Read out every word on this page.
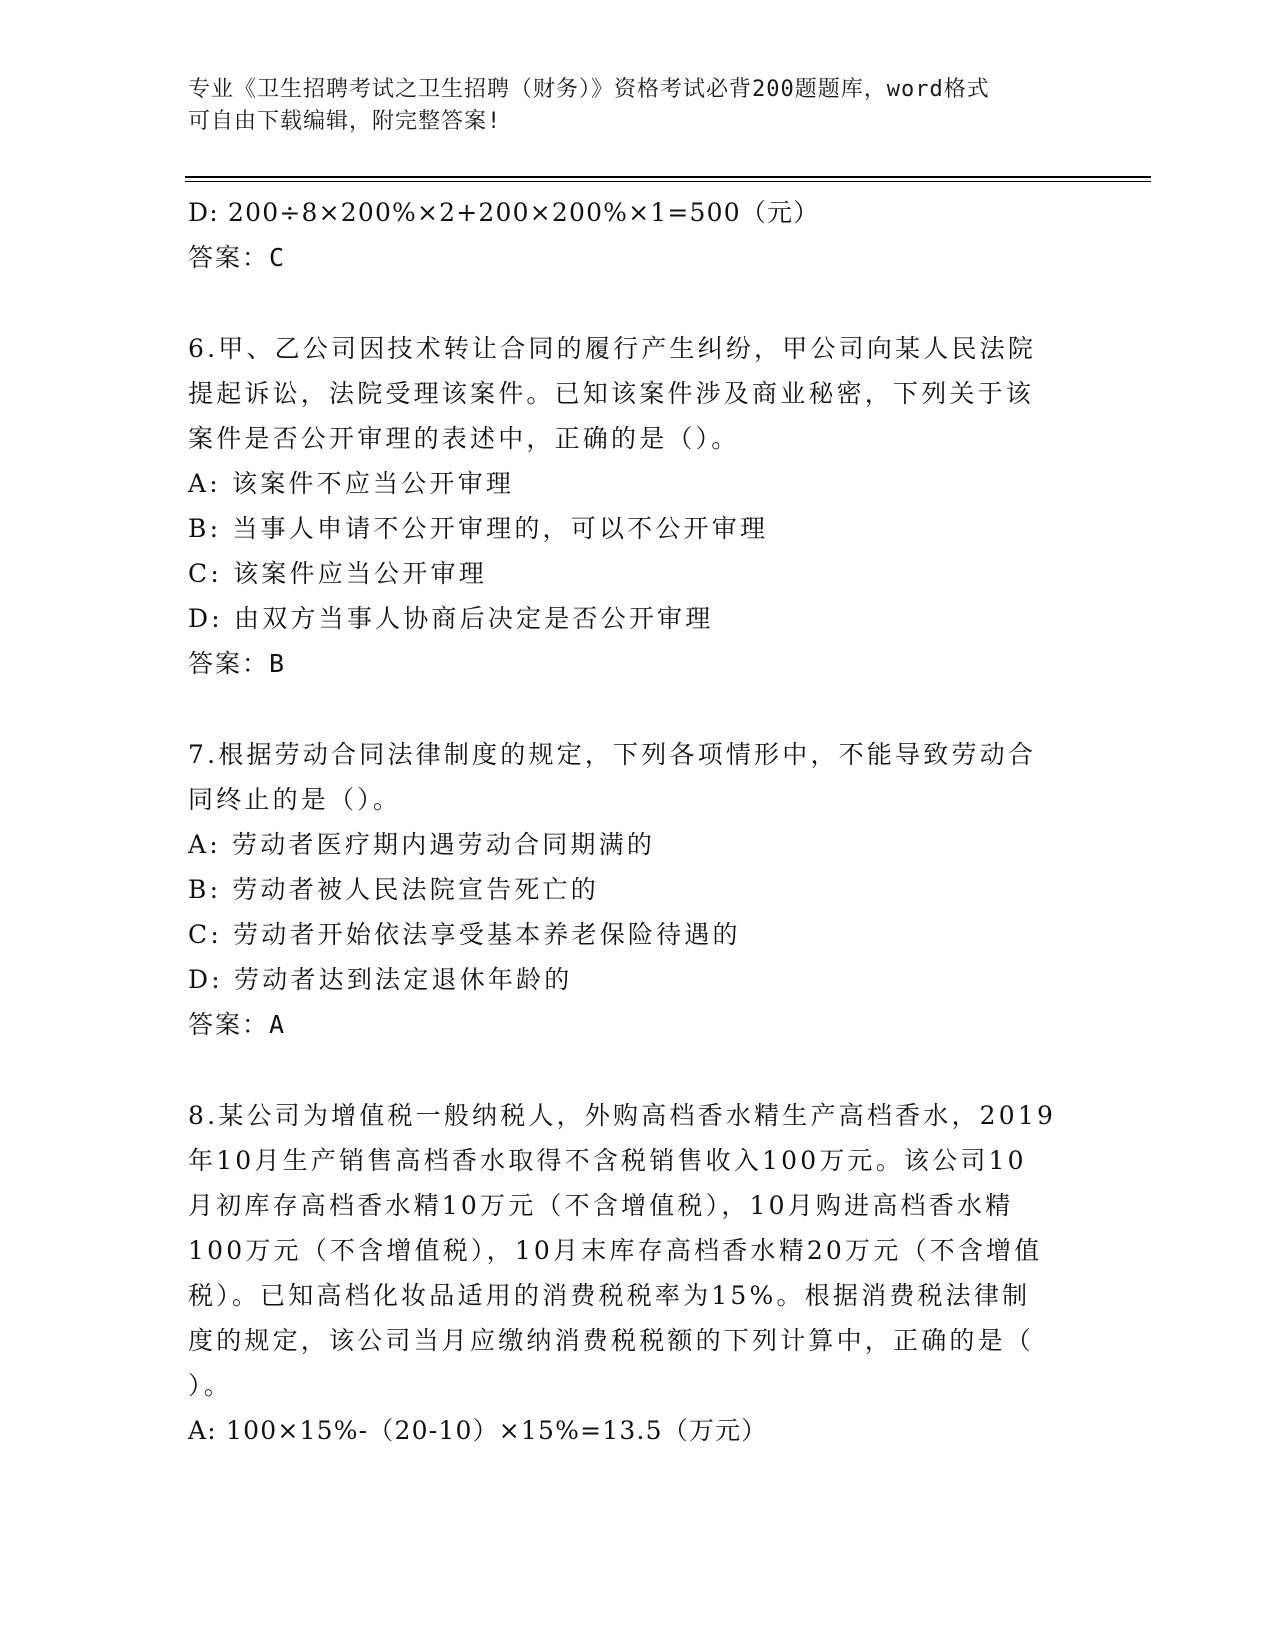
专业《卫生招聘考试之卫生招聘（财务）》资格考试必背200题题库，word格式
可自由下载编辑，附完整答案!
D: 200÷8×200%×2+200×200%×1=500（元）
答案：C
6.甲、乙公司因技术转让合同的履行产生纠纷，甲公司向某人民法院
提起诉讼，法院受理该案件。已知该案件涉及商业秘密，下列关于该
案件是否公开审理的表述中，正确的是（）。
A: 该案件不应当公开审理
B: 当事人申请不公开审理的，可以不公开审理
C: 该案件应当公开审理
D: 由双方当事人协商后决定是否公开审理
答案：B
7.根据劳动合同法律制度的规定，下列各项情形中，不能导致劳动合
同终止的是（）。
A: 劳动者医疗期内遇劳动合同期满的
B: 劳动者被人民法院宣告死亡的
C: 劳动者开始依法享受基本养老保险待遇的
D: 劳动者达到法定退休年龄的
答案：A
8.某公司为增值税一般纳税人，外购高档香水精生产高档香水，2019
年10月生产销售高档香水取得不含税销售收入100万元。该公司10
月初库存高档香水精10万元（不含增值税），10月购进高档香水精
100万元（不含增值税），10月末库存高档香水精20万元（不含增值
税）。已知高档化妆品适用的消费税税率为15%。根据消费税法律制
度的规定，该公司当月应缴纳消费税税额的下列计算中，正确的是（
）。
A: 100×15%-（20-10）×15%=13.5（万元）
